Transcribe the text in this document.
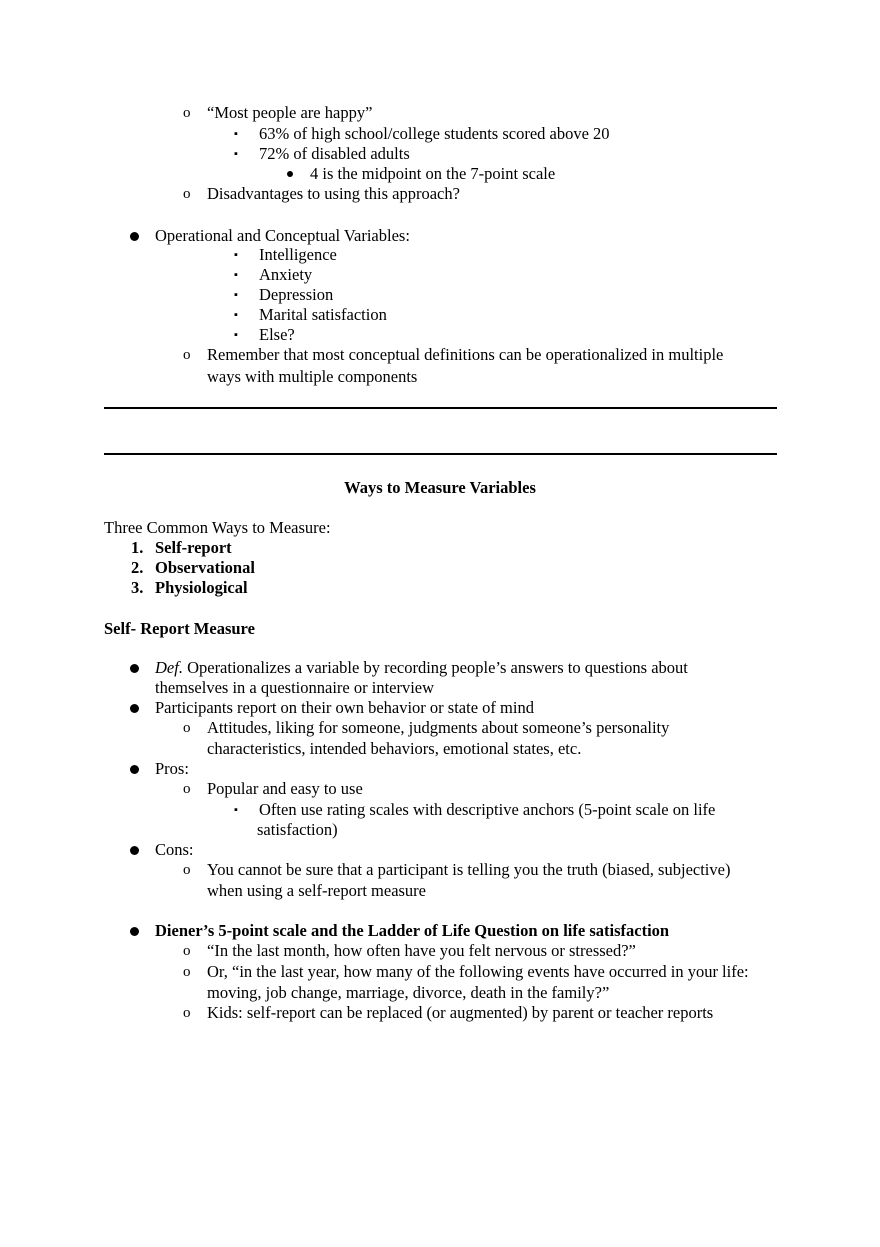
o “Most people are happy”
▪ 63% of high school/college students scored above 20
▪ 72% of disabled adults
4 is the midpoint on the 7-point scale
o Disadvantages to using this approach?
Operational and Conceptual Variables:
▪ Intelligence
▪ Anxiety
▪ Depression
▪ Marital satisfaction
▪ Else?
o Remember that most conceptual definitions can be operationalized in multiple
ways with multiple components
Ways to Measure Variables
Three Common Ways to Measure:
1. Self-report
2. Observational
3. Physiological
Self- Report Measure
Def. Operationalizes a variable by recording people’s answers to questions about
themselves in a questionnaire or interview
Participants report on their own behavior or state of mind
o Attitudes, liking for someone, judgments about someone’s personality
characteristics, intended behaviors, emotional states, etc.
Pros:
o Popular and easy to use
▪ Often use rating scales with descriptive anchors (5-point scale on life
satisfaction)
Cons:
o You cannot be sure that a participant is telling you the truth (biased, subjective)
when using a self-report measure
Diener’s 5-point scale and the Ladder of Life Question on life satisfaction
o “In the last month, how often have you felt nervous or stressed?”
o Or, “in the last year, how many of the following events have occurred in your life:
moving, job change, marriage, divorce, death in the family?”
o Kids: self-report can be replaced (or augmented) by parent or teacher reports
